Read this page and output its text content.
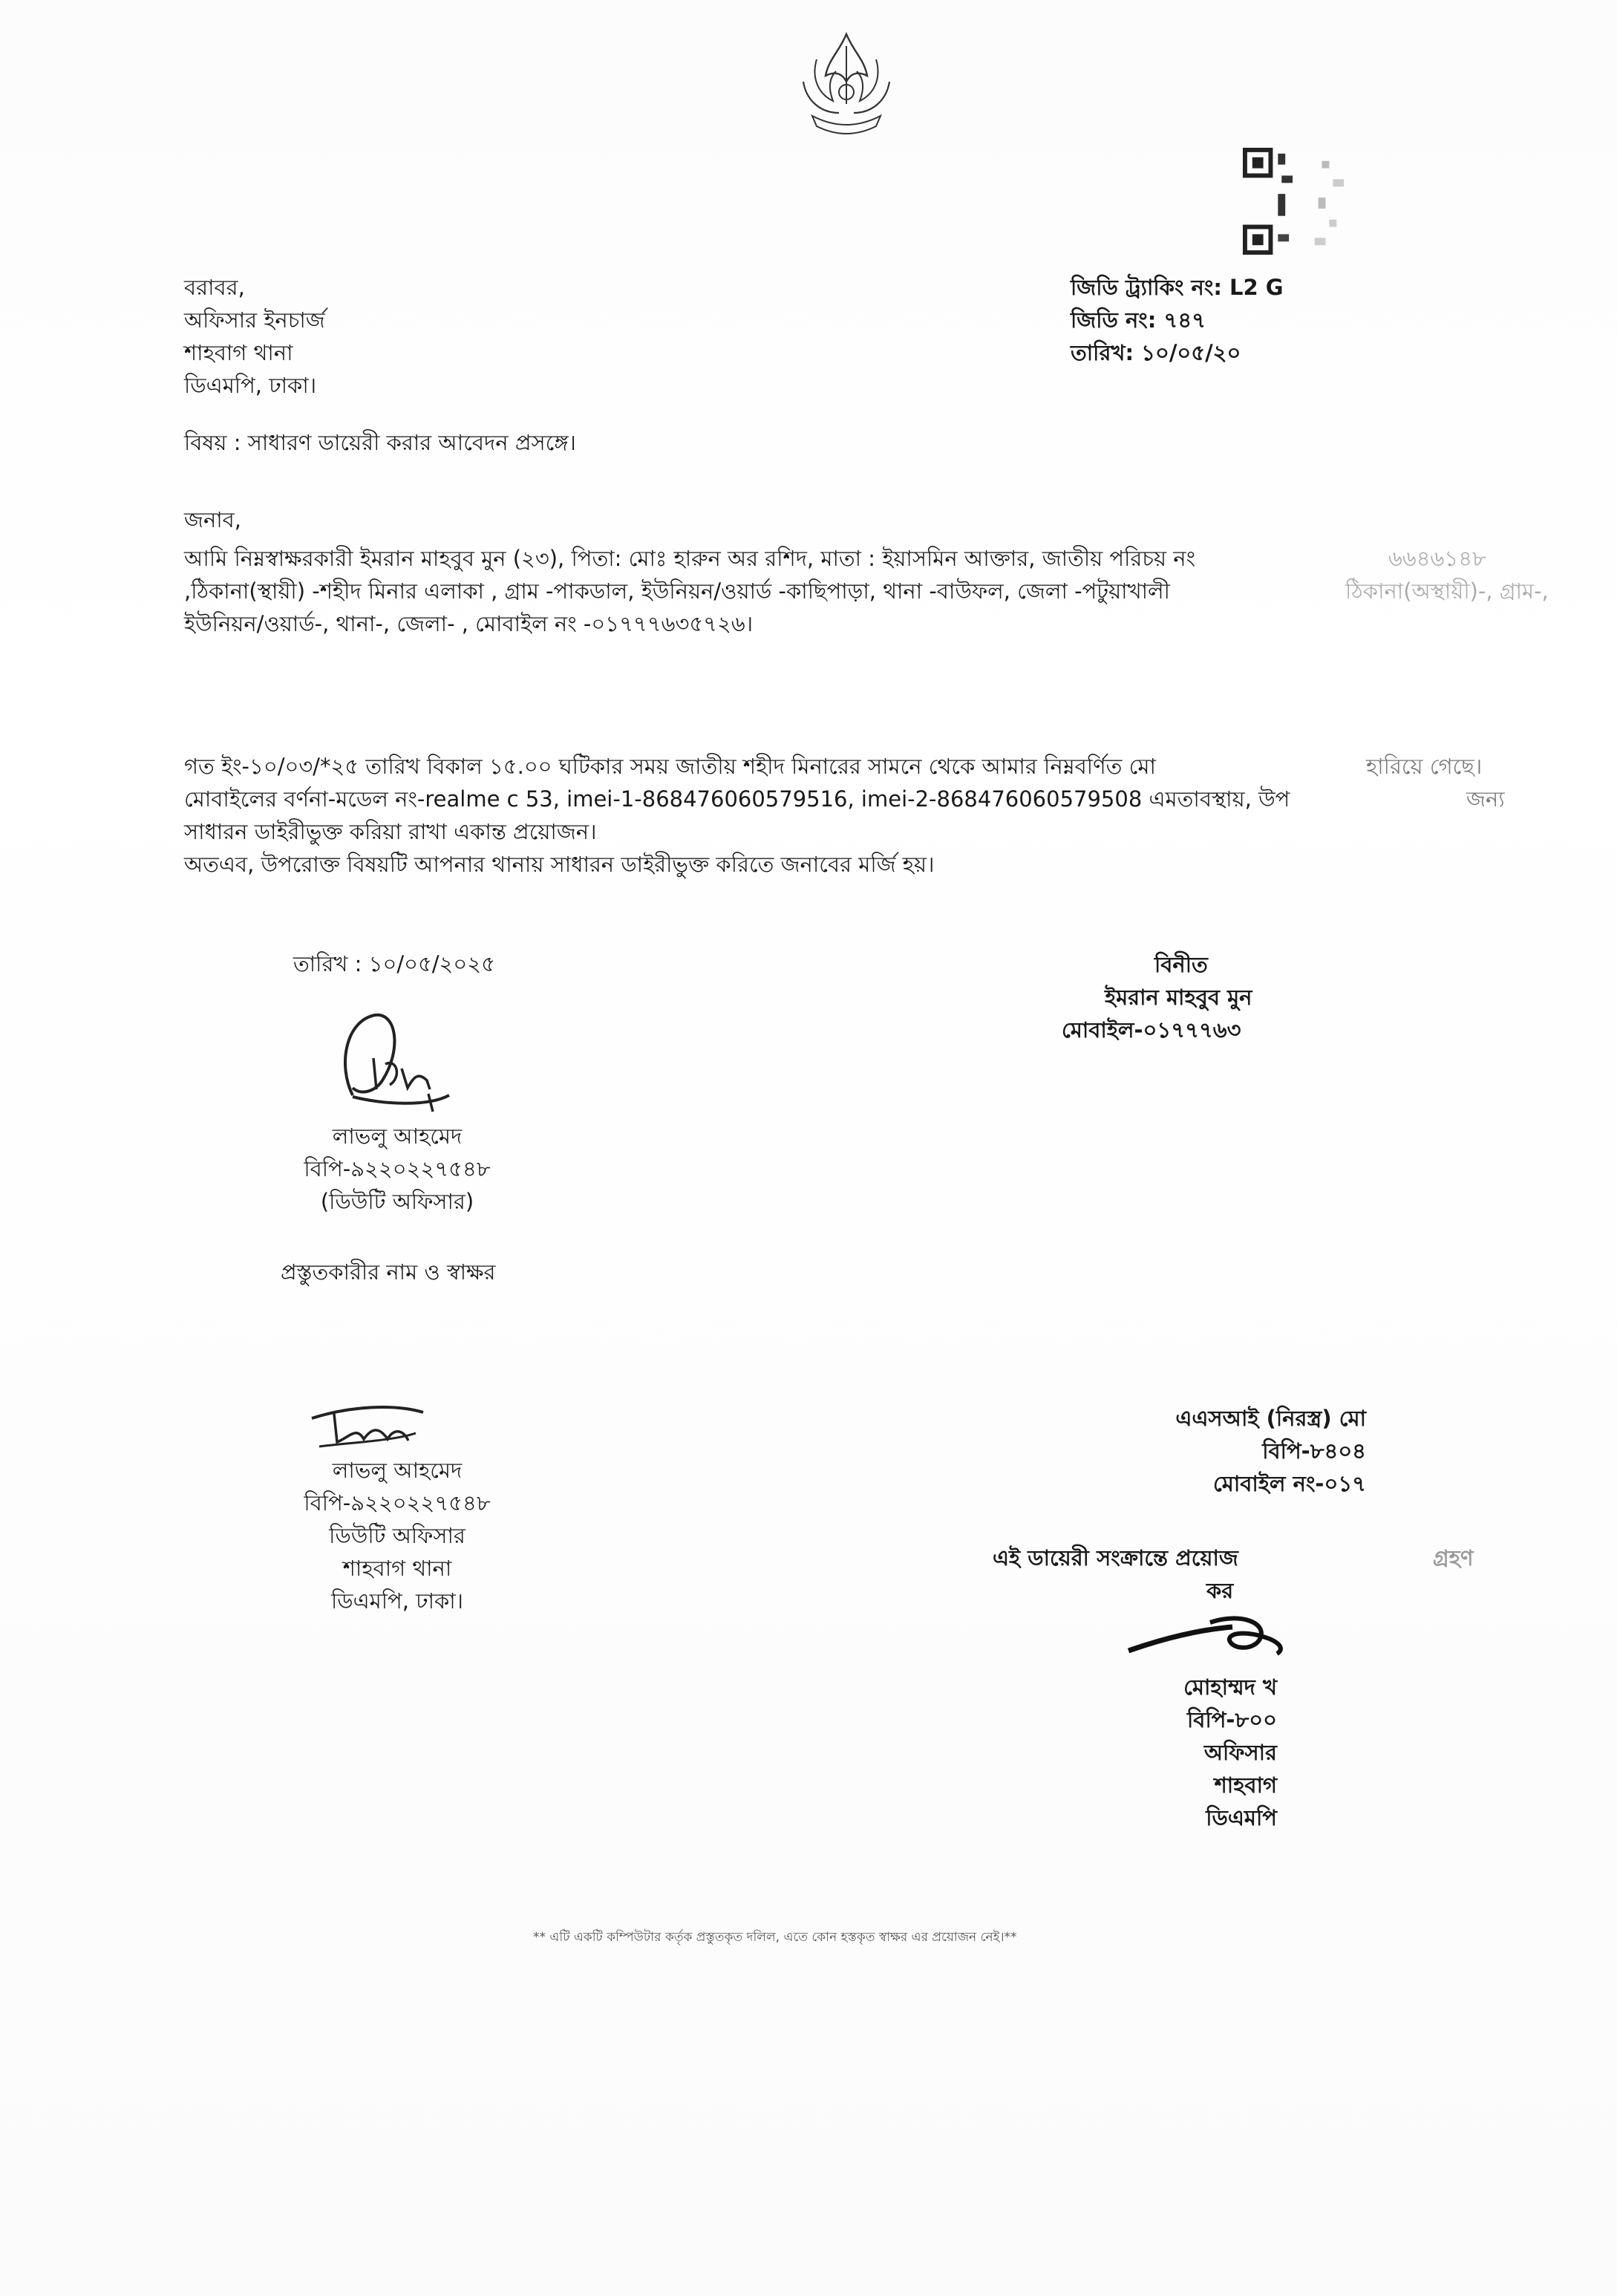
বরাবর,
অফিসার ইনচার্জ
শাহবাগ থানা
ডিএমপি, ঢাকা।
জিডি ট্র্যাকিং নং: L2 G
জিডি নং: ৭৪৭
তারিখ: ১০/০৫/২০
বিষয় : সাধারণ ডায়েরী করার আবেদন প্রসঙ্গে।
জনাব,
আমি নিম্নস্বাক্ষরকারী ইমরান মাহবুব মুন (২৩), পিতা: মোঃ হারুন অর রশিদ, মাতা : ইয়াসমিন আক্তার, জাতীয় পরিচয় নং
,ঠিকানা(স্থায়ী) -শহীদ মিনার এলাকা , গ্রাম -পাকডাল, ইউনিয়ন/ওয়ার্ড -কাছিপাড়া, থানা -বাউফল, জেলা -পটুয়াখালী
ইউনিয়ন/ওয়ার্ড-, থানা-, জেলা- , মোবাইল নং -০১৭৭৭৬৩৫৭২৬।
৬৬৪৬১৪৮
ঠিকানা(অস্থায়ী)-, গ্রাম-,
গত ইং-১০/০৩/*২৫ তারিখ বিকাল ১৫.০০ ঘটিকার সময় জাতীয় শহীদ মিনারের সামনে থেকে আমার নিম্নবর্ণিত মো
মোবাইলের বর্ণনা-মডেল নং-realme c 53, imei-1-868476060579516, imei-2-868476060579508 এমতাবস্থায়, উপ
সাধারন ডাইরীভুক্ত করিয়া রাখা একান্ত প্রয়োজন।
অতএব, উপরোক্ত বিষয়টি আপনার থানায় সাধারন ডাইরীভুক্ত করিতে জনাবের মর্জি হয়।
হারিয়ে গেছে।
জন্য
তারিখ : ১০/০৫/২০২৫	বিনীত
ইমরান মাহবুব মুন
মোবাইল-০১৭৭৭৬৩
লাভলু আহমেদ
বিপি-৯২২০২২৭৫৪৮
(ডিউটি অফিসার)
প্রস্তুতকারীর নাম ও স্বাক্ষর
লাভলু আহমেদ
বিপি-৯২২০২২৭৫৪৮
ডিউটি অফিসার
শাহবাগ থানা
ডিএমপি, ঢাকা।
এএসআই (নিরস্ত্র) মো
বিপি-৮৪০৪
মোবাইল নং-০১৭
এই ডায়েরী সংক্রান্তে প্রয়োজ	গ্রহণ
কর
মোহাম্মদ খ
বিপি-৮০০
অফিসার
শাহবাগ
ডিএমপি
** এটি একটি কম্পিউটার কর্তৃক প্রস্তুতকৃত দলিল, এতে কোন হস্তকৃত স্বাক্ষর এর প্রয়োজন নেই।**
